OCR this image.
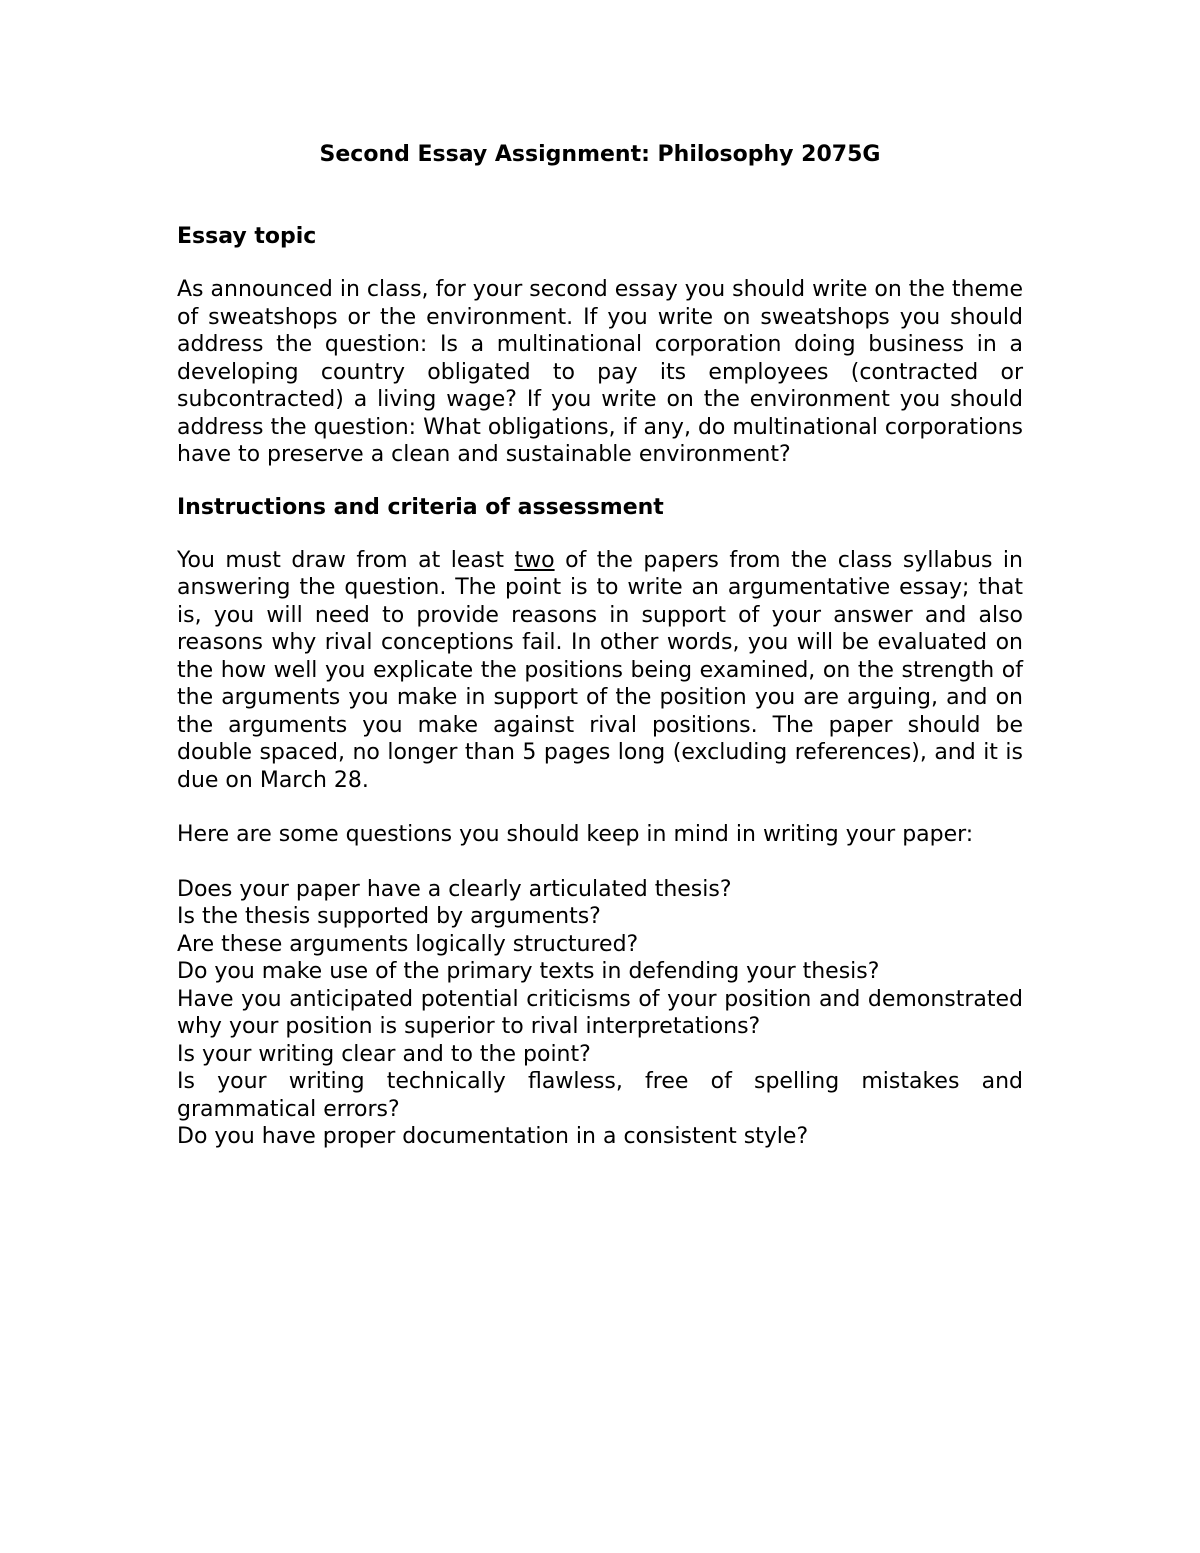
Second Essay Assignment: Philosophy 2075G

Essay topic

As announced in class, for your second essay you should write on the theme of sweatshops or the environment. If you write on sweatshops you should address the question: Is a multinational corporation doing business in a developing country obligated to pay its employees (contracted or subcontracted) a living wage? If you write on the environment you should address the question: What obligations, if any, do multinational corporations have to preserve a clean and sustainable environment?

Instructions and criteria of assessment

You must draw from at least two of the papers from the class syllabus in answering the question. The point is to write an argumentative essay; that is, you will need to provide reasons in support of your answer and also reasons why rival conceptions fail. In other words, you will be evaluated on the how well you explicate the positions being examined, on the strength of the arguments you make in support of the position you are arguing, and on the arguments you make against rival positions. The paper should be double spaced, no longer than 5 pages long (excluding references), and it is due on March 28.

Here are some questions you should keep in mind in writing your paper:

Does your paper have a clearly articulated thesis?
Is the thesis supported by arguments?
Are these arguments logically structured?
Do you make use of the primary texts in defending your thesis?
Have you anticipated potential criticisms of your position and demonstrated why your position is superior to rival interpretations?
Is your writing clear and to the point?
Is your writing technically flawless, free of spelling mistakes and grammatical errors?
Do you have proper documentation in a consistent style?
